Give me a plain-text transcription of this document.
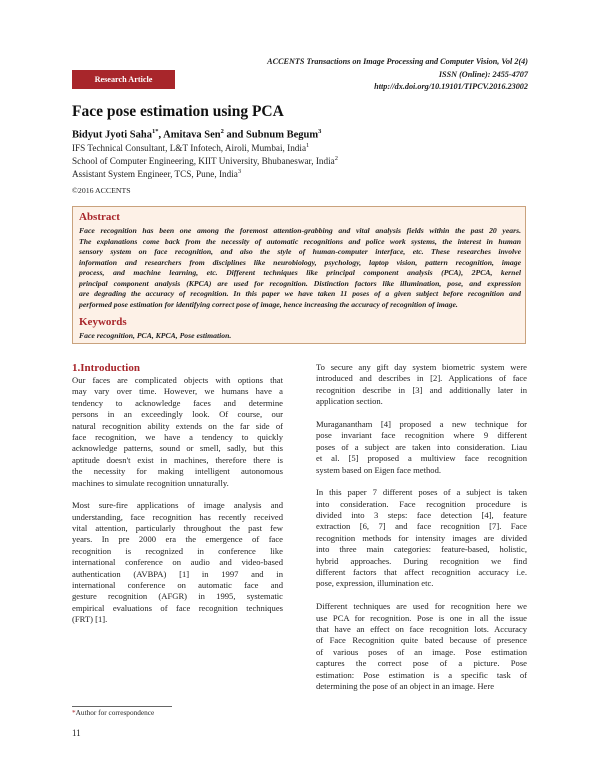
ACCENTS Transactions on Image Processing and Computer Vision, Vol 2(4)
ISSN (Online): 2455-4707
http://dx.doi.org/10.19101/TIPCV.2016.23002
Research Article
Face pose estimation using PCA
Bidyut Jyoti Saha$^{1*}$, Amitava Sen$^2$ and Subnum Begum$^3$
IFS Technical Consultant, L&T Infotech, Airoli, Mumbai, India$^1$
School of Computer Engineering, KIIT University, Bhubaneswar, India$^2$
Assistant System Engineer, TCS, Pune, India$^3$
©2016 ACCENTS
Abstract
Face recognition has been one among the foremost attention-grabbing and vital analysis fields within the past 20 years.
The explanations come back from the necessity of automatic recognitions and police work systems, the interest in human
sensory system on face recognition, and also the style of human-computer interface, etc. These researches involve
information and researchers from disciplines like neurobiology, psychology, laptop vision, pattern recognition, image
process, and machine learning, etc. Different techniques like principal component analysis (PCA), 2PCA, kernel
principal component analysis (KPCA) are used for recognition. Distinction factors like illumination, pose, and expression
are degrading the accuracy of recognition. In this paper we have taken 11 poses of a given subject before recognition and
performed pose estimation for identifying correct pose of image, hence increasing the accuracy of recognition of image.
Keywords
Face recognition, PCA, KPCA, Pose estimation.
1.Introduction
Our faces are complicated objects with options that
may vary over time. However, we humans have a
tendency to acknowledge faces and determine
persons in an exceedingly look. Of course, our
natural recognition ability extends on the far side of
face recognition, we have a tendency to quickly
acknowledge patterns, sound or smell, sadly, but this
aptitude doesn't exist in machines, therefore there is
the necessity for making intelligent autonomous
machines to simulate recognition unnaturally.
Most sure-fire applications of image analysis and
understanding, face recognition has recently received
vital attention, particularly throughout the past few
years. In pre 2000 era the emergence of face
recognition is recognized in conference like
international conference on audio and video-based
authentication (AVBPA) [1] in 1997 and in
international conference on automatic face and
gesture recognition (AFGR) in 1995, systematic
empirical evaluations of face recognition techniques
(FRT) [1].
To secure any gift day system biometric system were
introduced and describes in [2]. Applications of face
recognition describe in [3] and additionally later in
application section.
Muraganantham [4] proposed a new technique for
pose invariant face recognition where 9 different
poses of a subject are taken into consideration. Liau
et al. [5] proposed a multiview face recognition
system based on Eigen face method.
In this paper 7 different poses of a subject is taken
into consideration. Face recognition procedure is
divided into 3 steps: face detection [4], feature
extraction [6, 7] and face recognition [7]. Face
recognition methods for intensity images are divided
into three main categories: feature-based, holistic,
hybrid approaches. During recognition we find
different factors that affect recognition accuracy i.e.
pose, expression, illumination etc.
Different techniques are used for recognition here we
use PCA for recognition. Pose is one in all the issue
that have an effect on face recognition lots. Accuracy
of Face Recognition quite bated because of presence
of various poses of an image. Pose estimation
captures the correct pose of a picture. Pose
estimation: Pose estimation is a specific task of
determining the pose of an object in an image. Here
*Author for correspondence
11
